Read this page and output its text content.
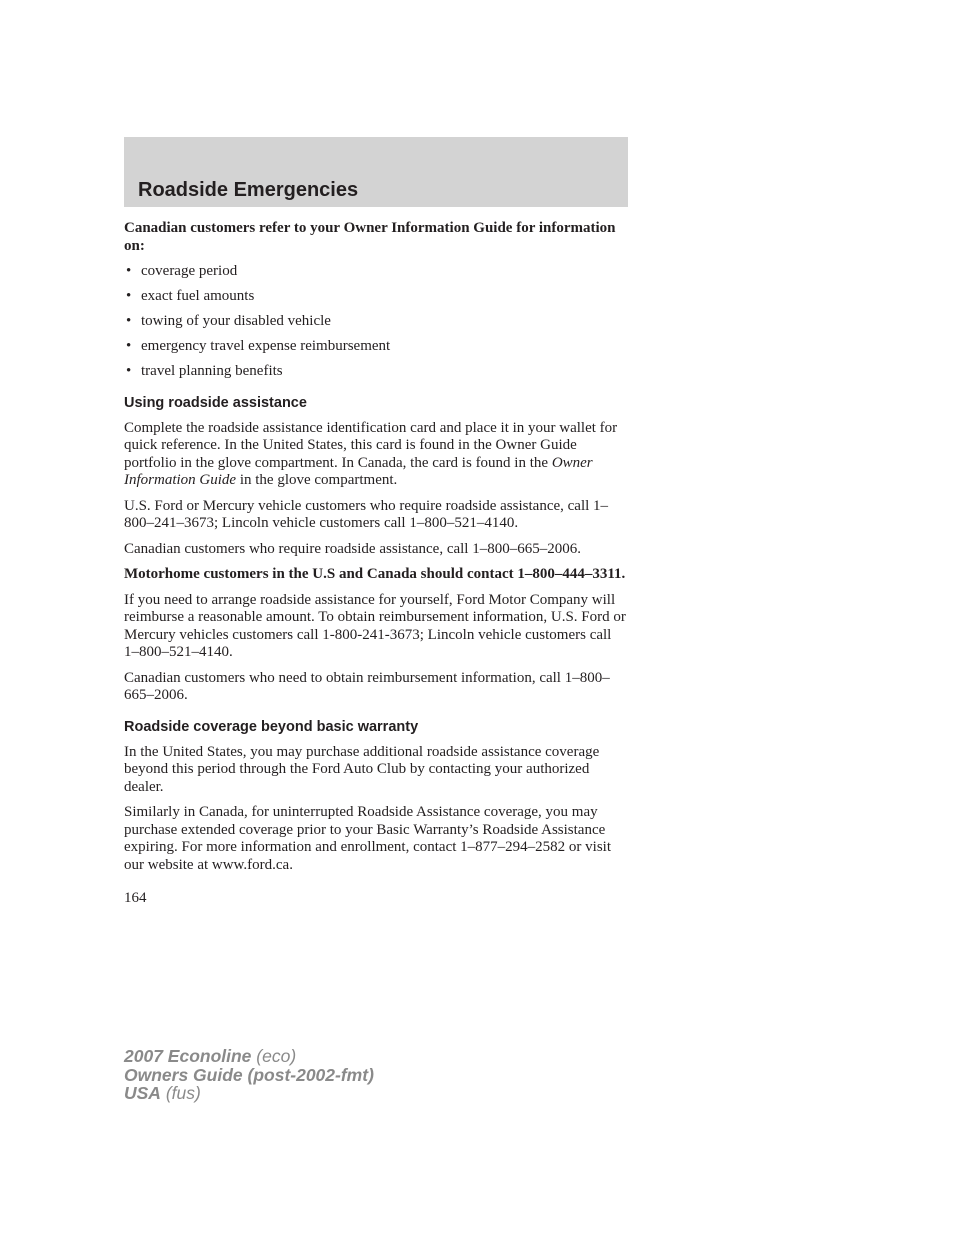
Roadside Emergencies

Canadian customers refer to your Owner Information Guide for information on:

• coverage period
• exact fuel amounts
• towing of your disabled vehicle
• emergency travel expense reimbursement
• travel planning benefits
Using roadside assistance

Complete the roadside assistance identification card and place it in your wallet for quick reference. In the United States, this card is found in the Owner Guide portfolio in the glove compartment. In Canada, the card is found in the Owner Information Guide in the glove compartment.

U.S. Ford or Mercury vehicle customers who require roadside assistance, call 1–800–241–3673; Lincoln vehicle customers call 1–800–521–4140.

Canadian customers who require roadside assistance, call 1–800–665–2006.

Motorhome customers in the U.S and Canada should contact 1–800–444–3311.

If you need to arrange roadside assistance for yourself, Ford Motor Company will reimburse a reasonable amount. To obtain reimbursement information, U.S. Ford or Mercury vehicles customers call 1-800-241-3673; Lincoln vehicle customers call 1–800–521–4140.

Canadian customers who need to obtain reimbursement information, call 1–800–665–2006.

Roadside coverage beyond basic warranty

In the United States, you may purchase additional roadside assistance coverage beyond this period through the Ford Auto Club by contacting your authorized dealer.

Similarly in Canada, for uninterrupted Roadside Assistance coverage, you may purchase extended coverage prior to your Basic Warranty’s Roadside Assistance expiring. For more information and enrollment, contact 1–877–294–2582 or visit our website at www.ford.ca.

164
2007 Econoline (eco)
Owners Guide (post-2002-fmt)
USA (fus)
